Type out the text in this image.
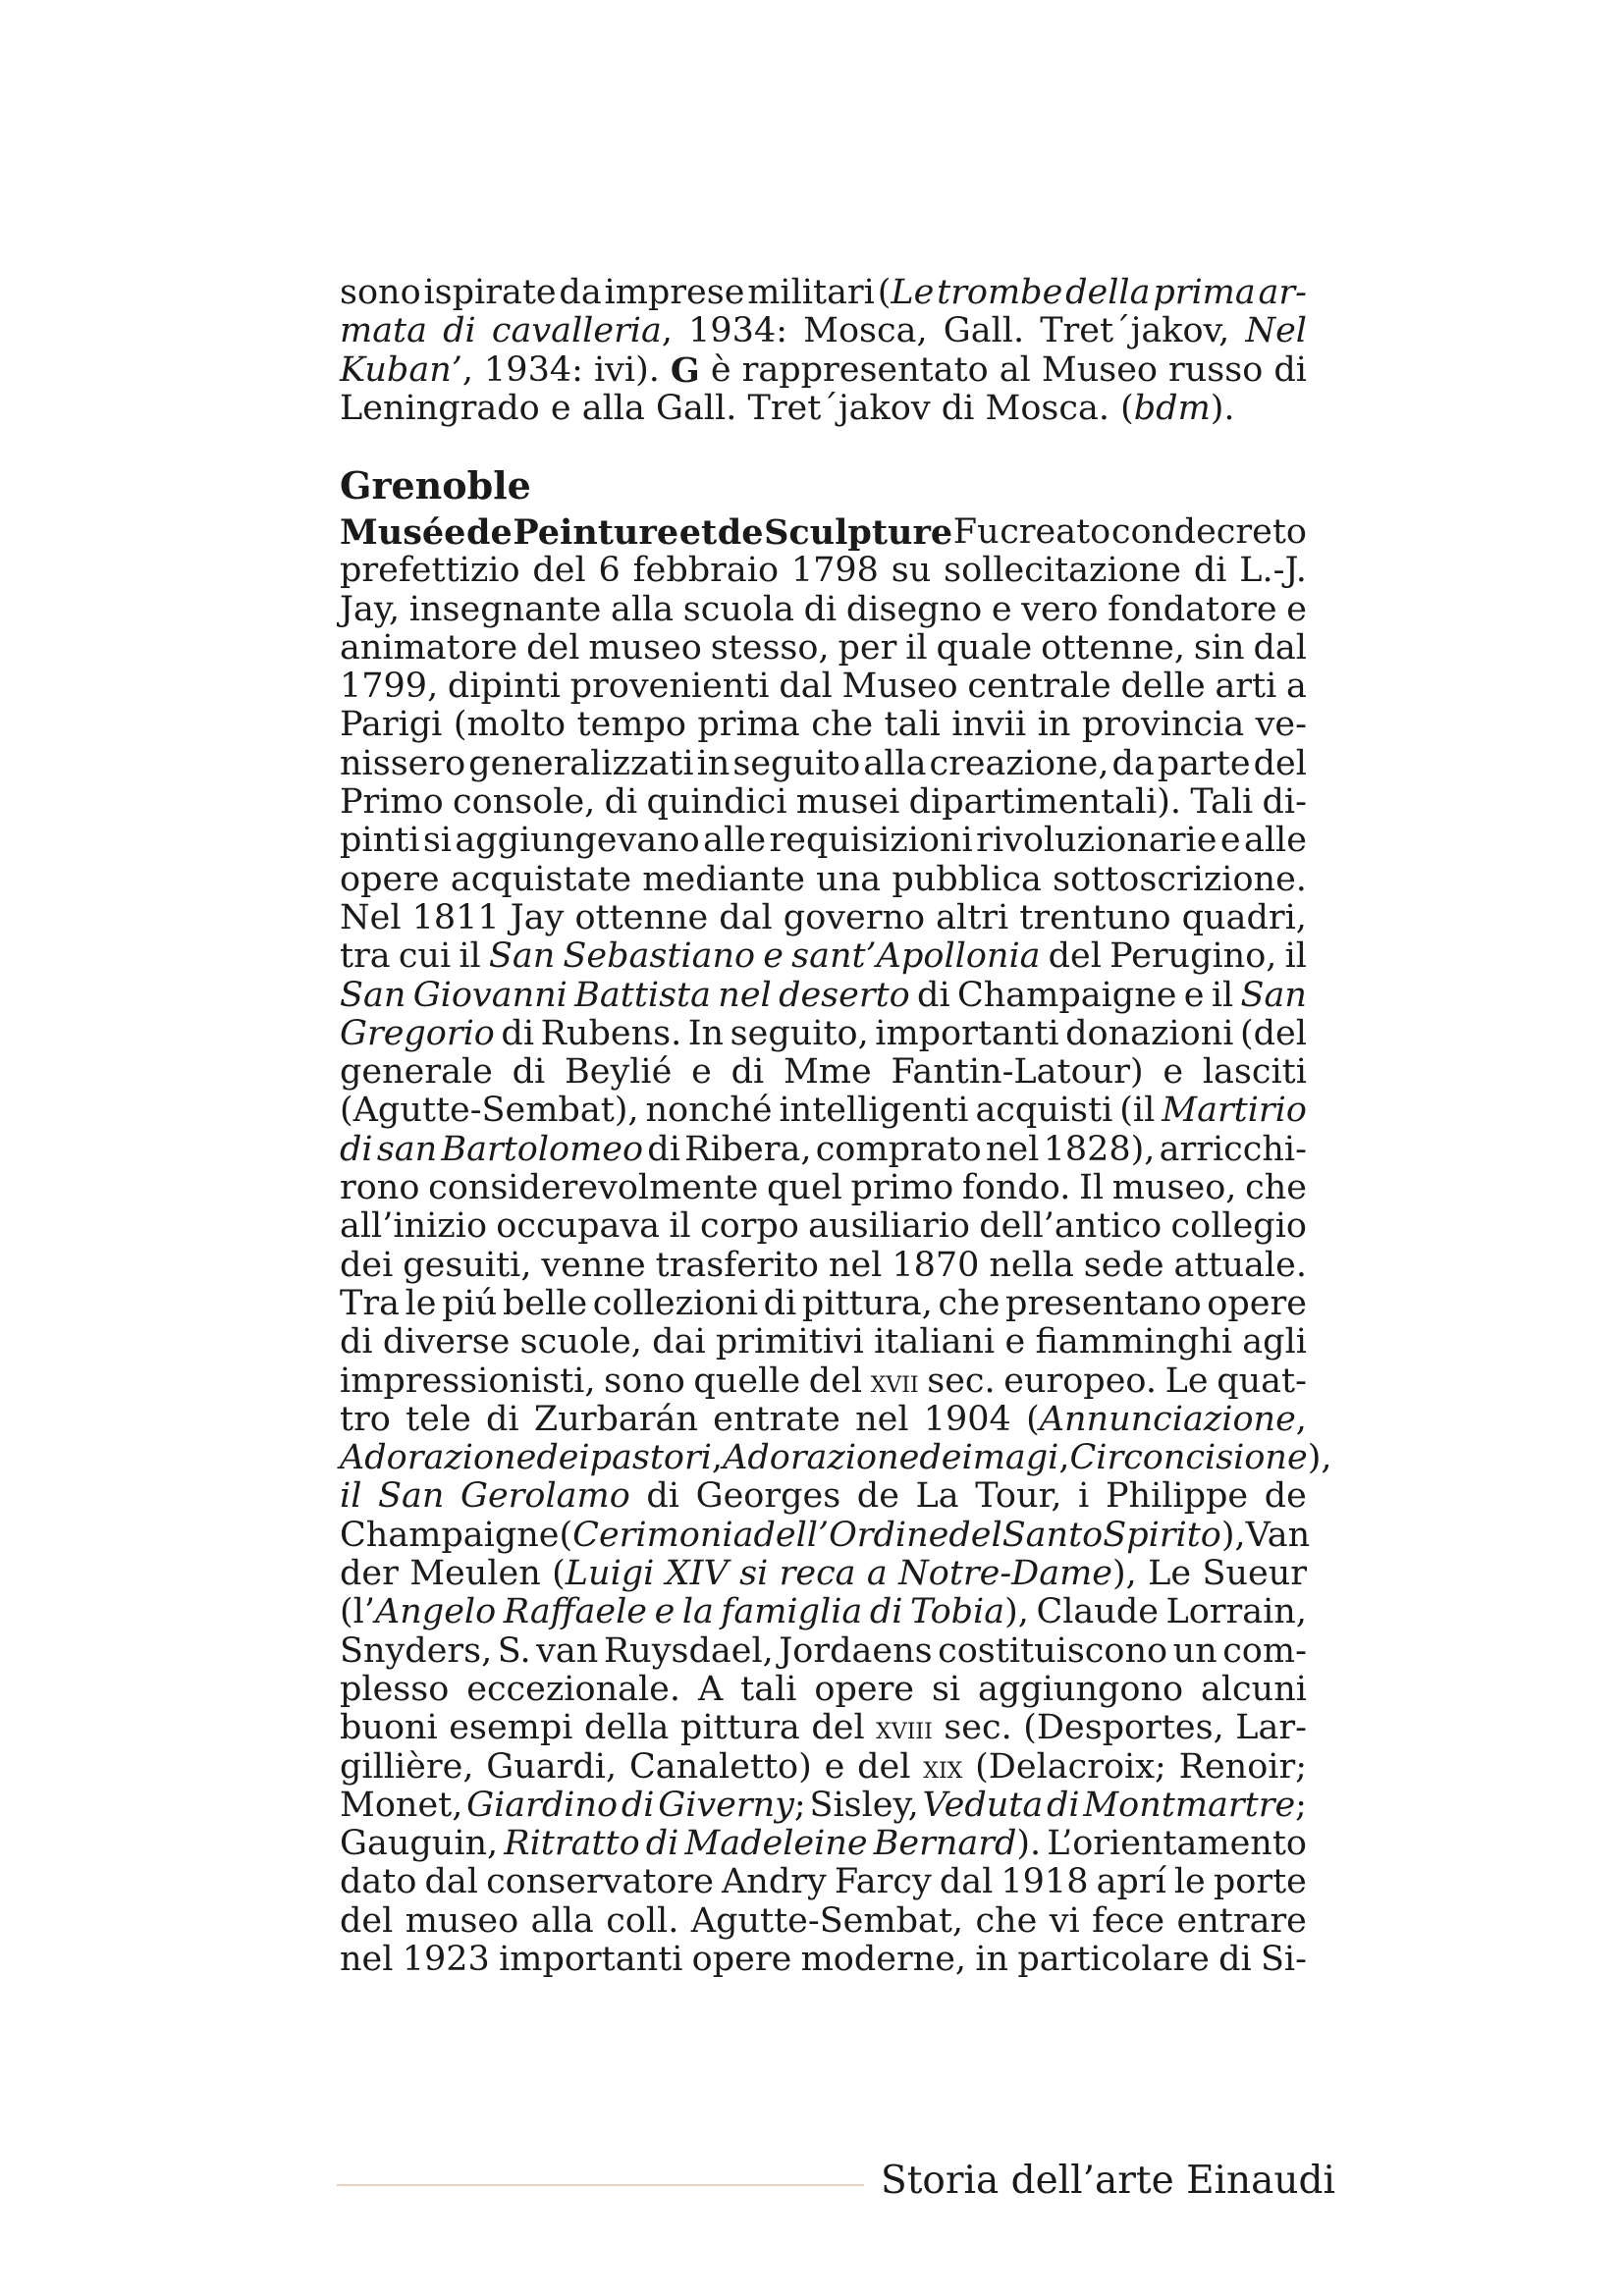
sono ispirate da imprese militari (Le trombe della prima ar-
mata di cavalleria, 1934: Mosca, Gall. Tret´jakov, Nel
Kuban’, 1934: ivi). G è rappresentato al Museo russo di
Leningrado e alla Gall. Tret´jakov di Mosca. (bdm).
Grenoble
Musée de Peinture et de Sculpture Fu creato con decreto
prefettizio del 6 febbraio 1798 su sollecitazione di L.-J.
Jay, insegnante alla scuola di disegno e vero fondatore e
animatore del museo stesso, per il quale ottenne, sin dal
1799, dipinti provenienti dal Museo centrale delle arti a
Parigi (molto tempo prima che tali invii in provincia ve-
nissero generalizzati in seguito alla creazione, da parte del
Primo console, di quindici musei dipartimentali). Tali di-
pinti si aggiungevano alle requisizioni rivoluzionarie e alle
opere acquistate mediante una pubblica sottoscrizione.
Nel 1811 Jay ottenne dal governo altri trentuno quadri,
tra cui il San Sebastiano e sant’Apollonia del Perugino, il
San Giovanni Battista nel deserto di Champaigne e il San
Gregorio di Rubens. In seguito, importanti donazioni (del
generale di Beylié e di Mme Fantin-Latour) e lasciti
(Agutte-Sembat), nonché intelligenti acquisti (il Martirio
di san Bartolomeo di Ribera, comprato nel 1828), arricchi-
rono considerevolmente quel primo fondo. Il museo, che
all’inizio occupava il corpo ausiliario dell’antico collegio
dei gesuiti, venne trasferito nel 1870 nella sede attuale.
Tra le piú belle collezioni di pittura, che presentano opere
di diverse scuole, dai primitivi italiani e fiamminghi agli
impressionisti, sono quelle del xvii sec. europeo. Le quat-
tro tele di Zurbarán entrate nel 1904 (Annunciazione,
Adorazione dei pastori, Adorazione dei magi, Circoncisione),
il San Gerolamo di Georges de La Tour, i Philippe de
Champaigne (Cerimonia dell’Ordine del Santo Spirito), Van
der Meulen (Luigi XIV si reca a Notre-Dame), Le Sueur
(l’Angelo Raffaele e la famiglia di Tobia), Claude Lorrain,
Snyders, S. van Ruysdael, Jordaens costituiscono un com-
plesso eccezionale. A tali opere si aggiungono alcuni
buoni esempi della pittura del xviii sec. (Desportes, Lar-
gillière, Guardi, Canaletto) e del xix (Delacroix; Renoir;
Monet, Giardino di Giverny; Sisley, Veduta di Montmartre;
Gauguin, Ritratto di Madeleine Bernard). L’orientamento
dato dal conservatore Andry Farcy dal 1918 aprí le porte
del museo alla coll. Agutte-Sembat, che vi fece entrare
nel 1923 importanti opere moderne, in particolare di Si-
Storia dell’arte Einaudi
